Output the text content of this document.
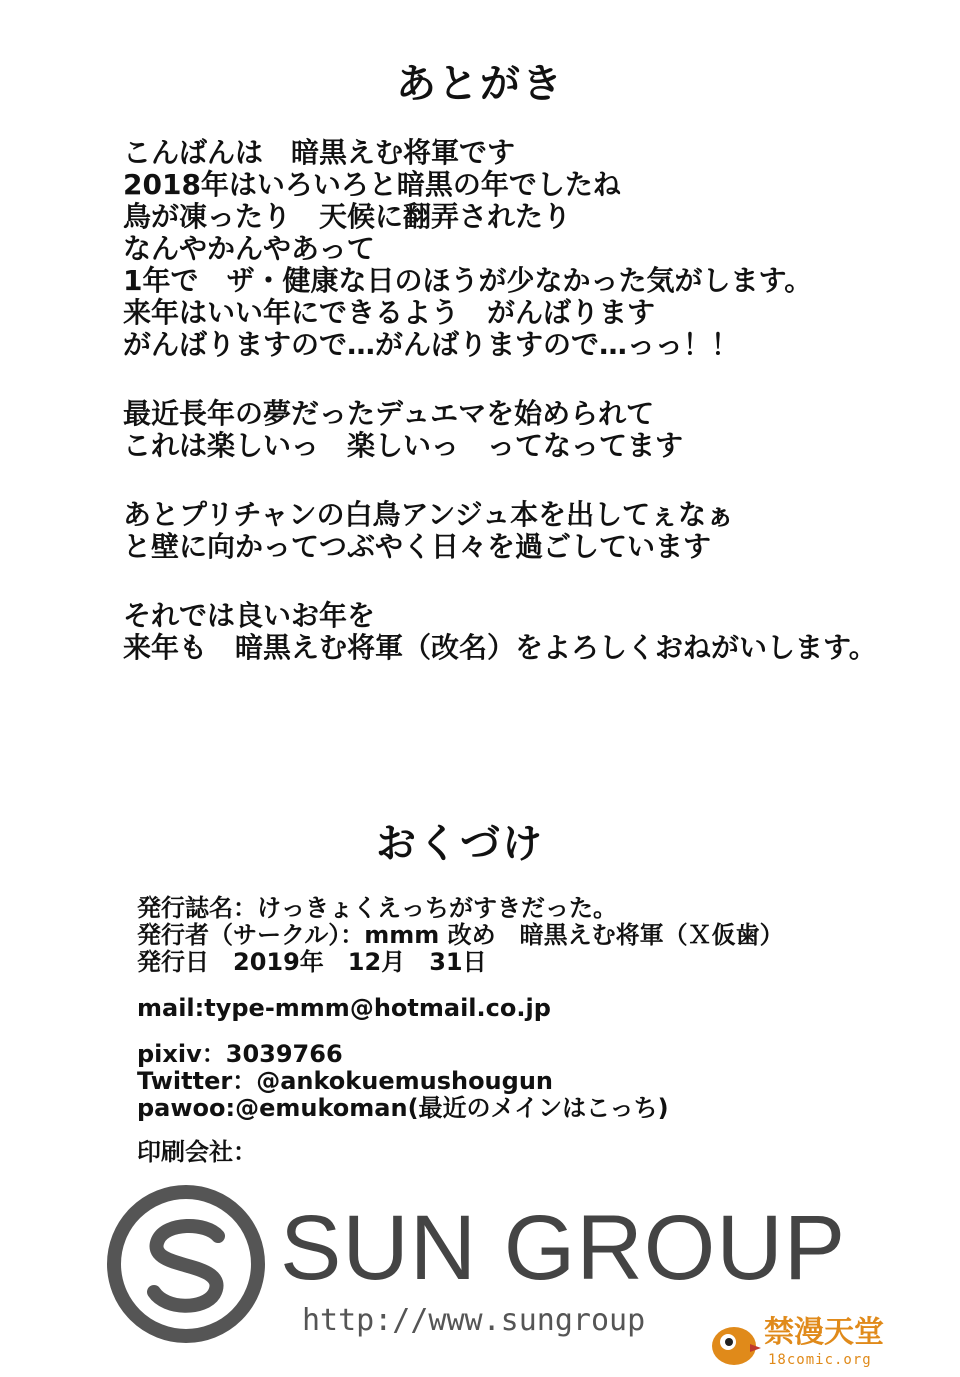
あとがき
こんばんは　暗黒えむ将軍です
2018年はいろいろと暗黒の年でしたね
鳥が凍ったり　天候に翻弄されたり
なんやかんやあって
1年で　ザ・健康な日のほうが少なかった気がします。
来年はいい年にできるよう　がんばります
がんばりますので…がんばりますので…っっ！！
最近長年の夢だったデュエマを始められて
これは楽しいっ　楽しいっ　ってなってます
あとプリチャンの白鳥アンジュ本を出してぇなぁ
と壁に向かってつぶやく日々を過ごしています
それでは良いお年を
来年も　暗黒えむ将軍（改名）をよろしくおねがいします。
おくづけ
発行誌名：けっきょくえっちがすきだった。
発行者（サークル）：mmm 改め　暗黒えむ将軍（Ｘ仮歯）
発行日　2019年　12月　31日
mail:type-mmm@hotmail.co.jp
pixiv：3039766
Twitter：@ankokuemushougun
pawoo:@emukoman(最近のメインはこっち)
印刷会社：
SUN GROUP
http://www.sungroup	禁漫天堂
18comic.org
